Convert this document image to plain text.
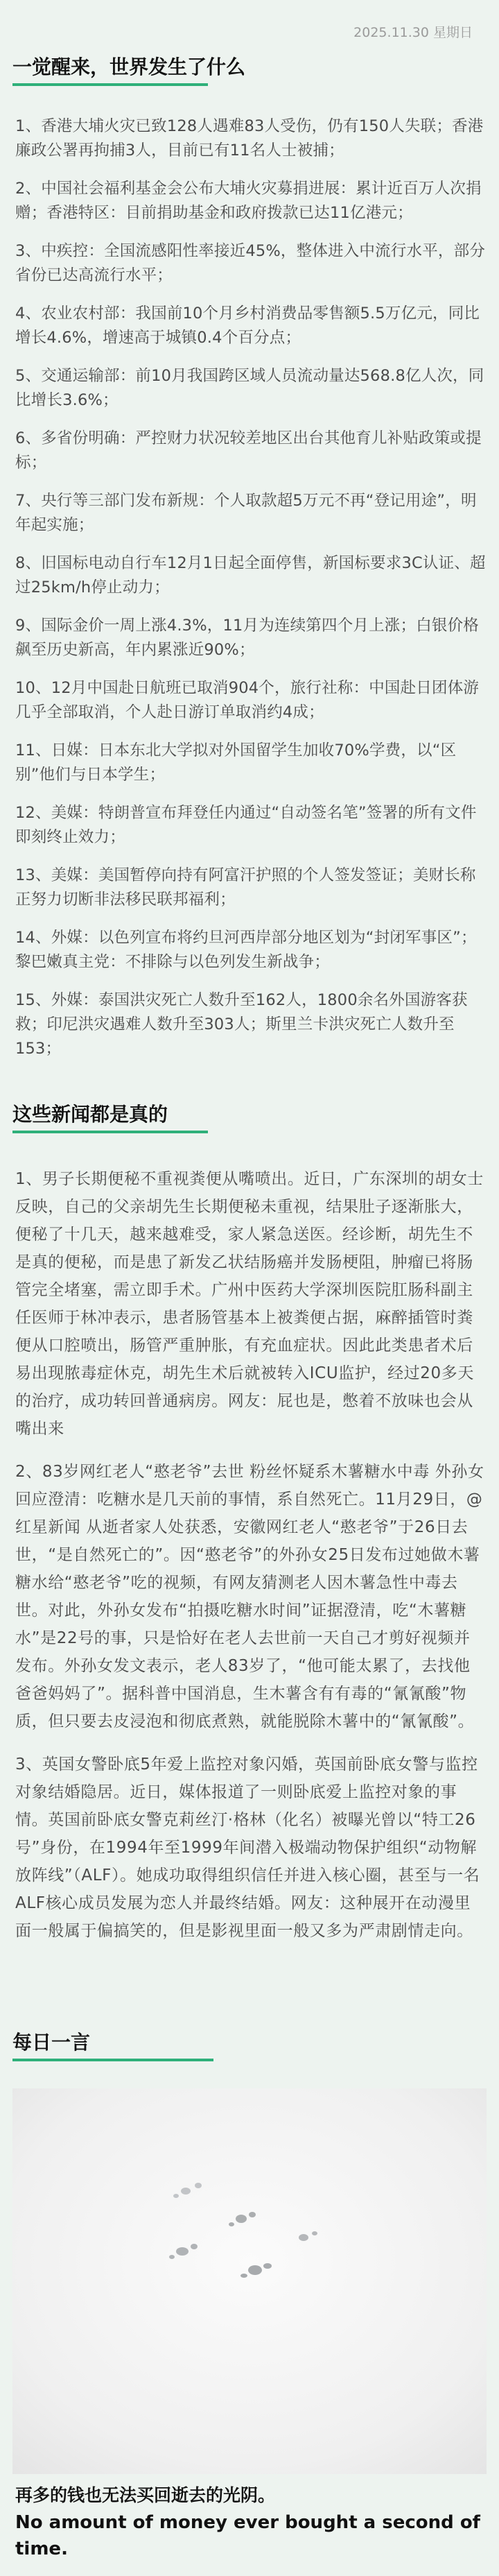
2025.11.30 星期日
一觉醒来，世界发生了什么
1、香港大埔火灾已致128人遇难83人受伤，仍有150人失联；香港廉政公署再拘捕3人，目前已有11名人士被捕；
2、中国社会福利基金会公布大埔火灾募捐进展：累计近百万人次捐赠；香港特区：目前捐助基金和政府拨款已达11亿港元；
3、中疾控：全国流感阳性率接近45%，整体进入中流行水平，部分省份已达高流行水平；
4、农业农村部：我国前10个月乡村消费品零售额5.5万亿元，同比增长4.6%，增速高于城镇0.4个百分点；
5、交通运输部：前10月我国跨区域人员流动量达568.8亿人次，同比增长3.6%；
6、多省份明确：严控财力状况较差地区出台其他育儿补贴政策或提标；
7、央行等三部门发布新规：个人取款超5万元不再“登记用途”，明年起实施；
8、旧国标电动自行车12月1日起全面停售，新国标要求3C认证、超过25km/h停止动力；
9、国际金价一周上涨4.3%，11月为连续第四个月上涨；白银价格飙至历史新高，年内累涨近90%；
10、12月中国赴日航班已取消904个，旅行社称：中国赴日团体游几乎全部取消，个人赴日游订单取消约4成；
11、日媒：日本东北大学拟对外国留学生加收70%学费，以“区别”他们与日本学生；
12、美媒：特朗普宣布拜登任内通过“自动签名笔”签署的所有文件即刻终止效力；
13、美媒：美国暂停向持有阿富汗护照的个人签发签证；美财长称正努力切断非法移民联邦福利；
14、外媒：以色列宣布将约旦河西岸部分地区划为“封闭军事区”；黎巴嫩真主党：不排除与以色列发生新战争；
15、外媒：泰国洪灾死亡人数升至162人，1800余名外国游客获救；印尼洪灾遇难人数升至303人；斯里兰卡洪灾死亡人数升至153；
这些新闻都是真的

1、男子长期便秘不重视粪便从嘴喷出。近日，广东深圳的胡女士反映，自己的父亲胡先生长期便秘未重视，结果肚子逐渐胀大，便秘了十几天，越来越难受，家人紧急送医。经诊断，胡先生不是真的便秘，而是患了新发乙状结肠癌并发肠梗阻，肿瘤已将肠管完全堵塞，需立即手术。广州中医药大学深圳医院肛肠科副主任医师于林冲表示，患者肠管基本上被粪便占据，麻醉插管时粪便从口腔喷出，肠管严重肿胀，有充血症状。因此此类患者术后易出现脓毒症休克，胡先生术后就被转入ICU监护，经过20多天的治疗，成功转回普通病房。网友：屁也是，憋着不放味也会从嘴出来

2、83岁网红老人“憨老爷”去世 粉丝怀疑系木薯糖水中毒 外孙女回应澄清：吃糖水是几天前的事情，系自然死亡。11月29日，@红星新闻 从逝者家人处获悉，安徽网红老人“憨老爷”于26日去世，“是自然死亡的”。因“憨老爷”的外孙女25日发布过她做木薯糖水给“憨老爷”吃的视频，有网友猜测老人因木薯急性中毒去世。对此，外孙女发布“拍摄吃糖水时间”证据澄清，吃“木薯糖水”是22号的事，只是恰好在老人去世前一天自己才剪好视频并发布。外孙女发文表示，老人83岁了，“他可能太累了，去找他爸爸妈妈了”。据科普中国消息，生木薯含有有毒的“氰氰酸”物质，但只要去皮浸泡和彻底煮熟，就能脱除木薯中的“氰氰酸”。

3、英国女警卧底5年爱上监控对象闪婚，英国前卧底女警与监控对象结婚隐居。近日，媒体报道了一则卧底爱上监控对象的事情。英国前卧底女警克莉丝汀·格林（化名）被曝光曾以“特工26号”身份，在1994年至1999年间潜入极端动物保护组织“动物解放阵线”（ALF）。她成功取得组织信任并进入核心圈，甚至与一名ALF核心成员发展为恋人并最终结婚。网友：这种展开在动漫里面一般属于偏搞笑的，但是影视里面一般又多为严肃剧情走向。

每日一言

再多的钱也无法买回逝去的光阴。

No amount of money ever bought a second of time.
